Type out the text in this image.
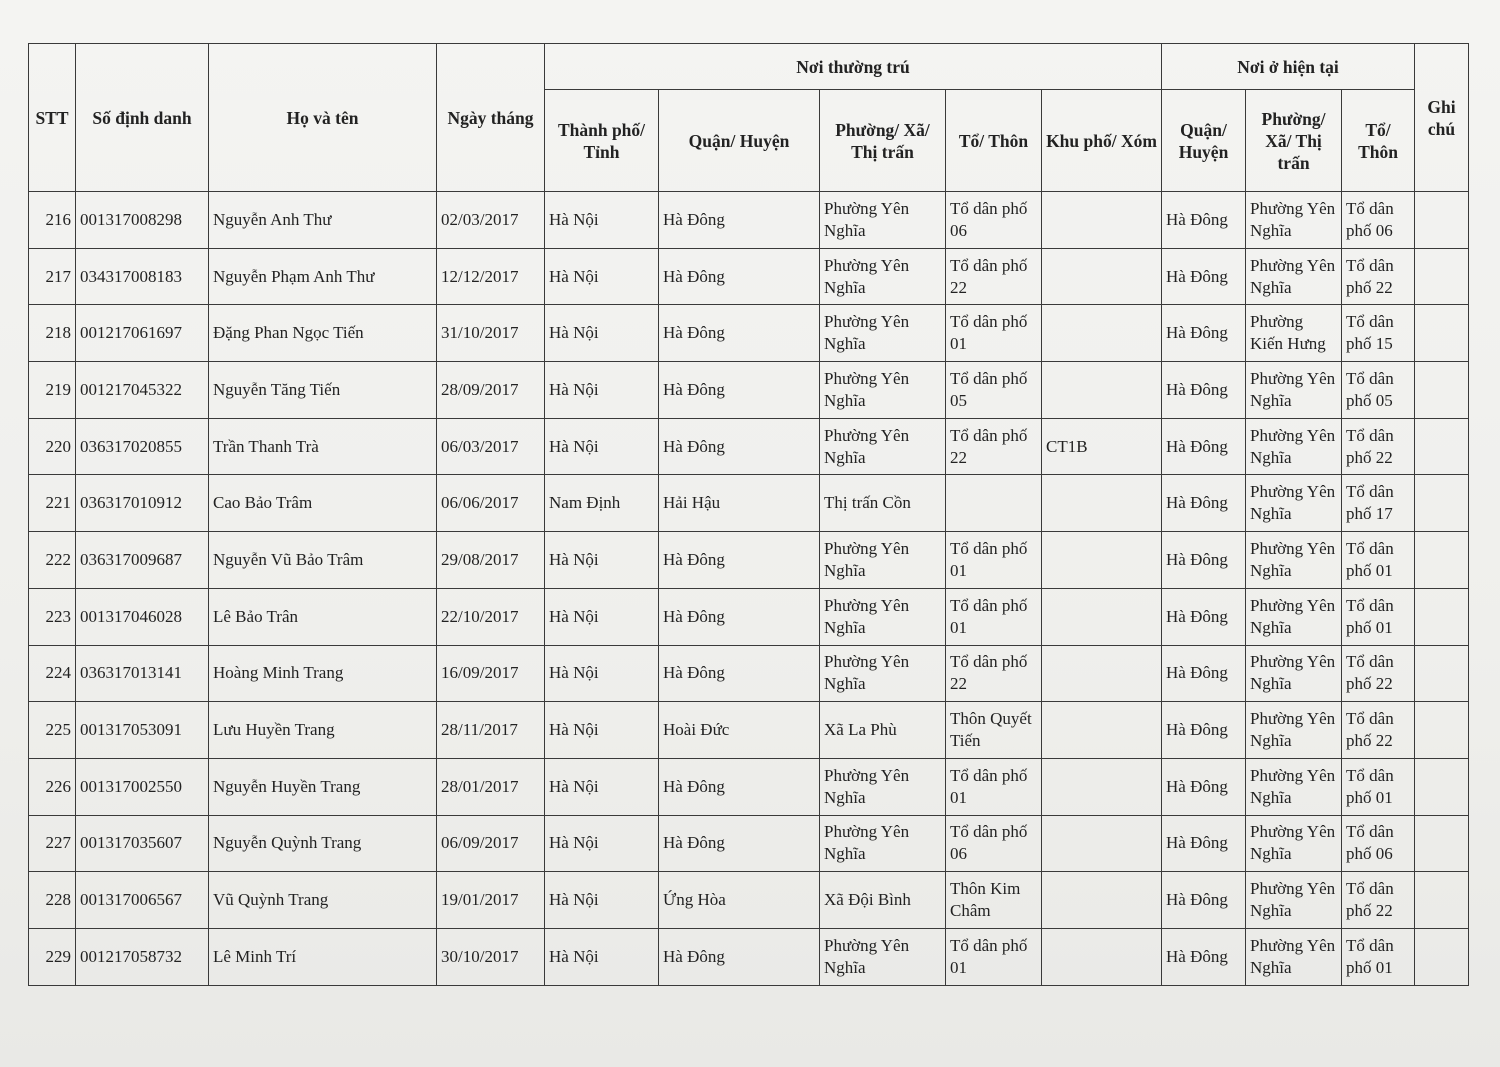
STT	Số định danh	Họ và tên	Ngày tháng	Nơi thường trú					Nơi ở hiện tại			Ghi chú
				Thành phố/ Tỉnh	Quận/ Huyện	Phường/ Xã/ Thị trấn	Tổ/ Thôn	Khu phố/ Xóm	Quận/ Huyện	Phường/ Xã/ Thị trấn	Tổ/ Thôn	
216	001317008298	Nguyễn Anh Thư	02/03/2017	Hà Nội	Hà Đông	Phường Yên Nghĩa	Tổ dân phố 06		Hà Đông	Phường Yên Nghĩa	Tổ dân phố 06	
217	034317008183	Nguyễn Phạm Anh Thư	12/12/2017	Hà Nội	Hà Đông	Phường Yên Nghĩa	Tổ dân phố 22		Hà Đông	Phường Yên Nghĩa	Tổ dân phố 22	
218	001217061697	Đặng Phan Ngọc Tiến	31/10/2017	Hà Nội	Hà Đông	Phường Yên Nghĩa	Tổ dân phố 01		Hà Đông	Phường Kiến Hưng	Tổ dân phố 15	
219	001217045322	Nguyễn Tăng Tiến	28/09/2017	Hà Nội	Hà Đông	Phường Yên Nghĩa	Tổ dân phố 05		Hà Đông	Phường Yên Nghĩa	Tổ dân phố 05	
220	036317020855	Trần Thanh Trà	06/03/2017	Hà Nội	Hà Đông	Phường Yên Nghĩa	Tổ dân phố 22	CT1B	Hà Đông	Phường Yên Nghĩa	Tổ dân phố 22	
221	036317010912	Cao Bảo Trâm	06/06/2017	Nam Định	Hải Hậu	Thị trấn Cồn			Hà Đông	Phường Yên Nghĩa	Tổ dân phố 17	
222	036317009687	Nguyễn Vũ Bảo Trâm	29/08/2017	Hà Nội	Hà Đông	Phường Yên Nghĩa	Tổ dân phố 01		Hà Đông	Phường Yên Nghĩa	Tổ dân phố 01	
223	001317046028	Lê Bảo Trân	22/10/2017	Hà Nội	Hà Đông	Phường Yên Nghĩa	Tổ dân phố 01		Hà Đông	Phường Yên Nghĩa	Tổ dân phố 01	
224	036317013141	Hoàng Minh Trang	16/09/2017	Hà Nội	Hà Đông	Phường Yên Nghĩa	Tổ dân phố 22		Hà Đông	Phường Yên Nghĩa	Tổ dân phố 22	
225	001317053091	Lưu Huyền Trang	28/11/2017	Hà Nội	Hoài Đức	Xã La Phù	Thôn Quyết Tiến		Hà Đông	Phường Yên Nghĩa	Tổ dân phố 22	
226	001317002550	Nguyễn Huyền Trang	28/01/2017	Hà Nội	Hà Đông	Phường Yên Nghĩa	Tổ dân phố 01		Hà Đông	Phường Yên Nghĩa	Tổ dân phố 01	
227	001317035607	Nguyễn Quỳnh Trang	06/09/2017	Hà Nội	Hà Đông	Phường Yên Nghĩa	Tổ dân phố 06		Hà Đông	Phường Yên Nghĩa	Tổ dân phố 06	
228	001317006567	Vũ Quỳnh Trang	19/01/2017	Hà Nội	Ứng Hòa	Xã Đội Bình	Thôn Kim Châm		Hà Đông	Phường Yên Nghĩa	Tổ dân phố 22	
229	001217058732	Lê Minh Trí	30/10/2017	Hà Nội	Hà Đông	Phường Yên Nghĩa	Tổ dân phố 01		Hà Đông	Phường Yên Nghĩa	Tổ dân phố 01	
